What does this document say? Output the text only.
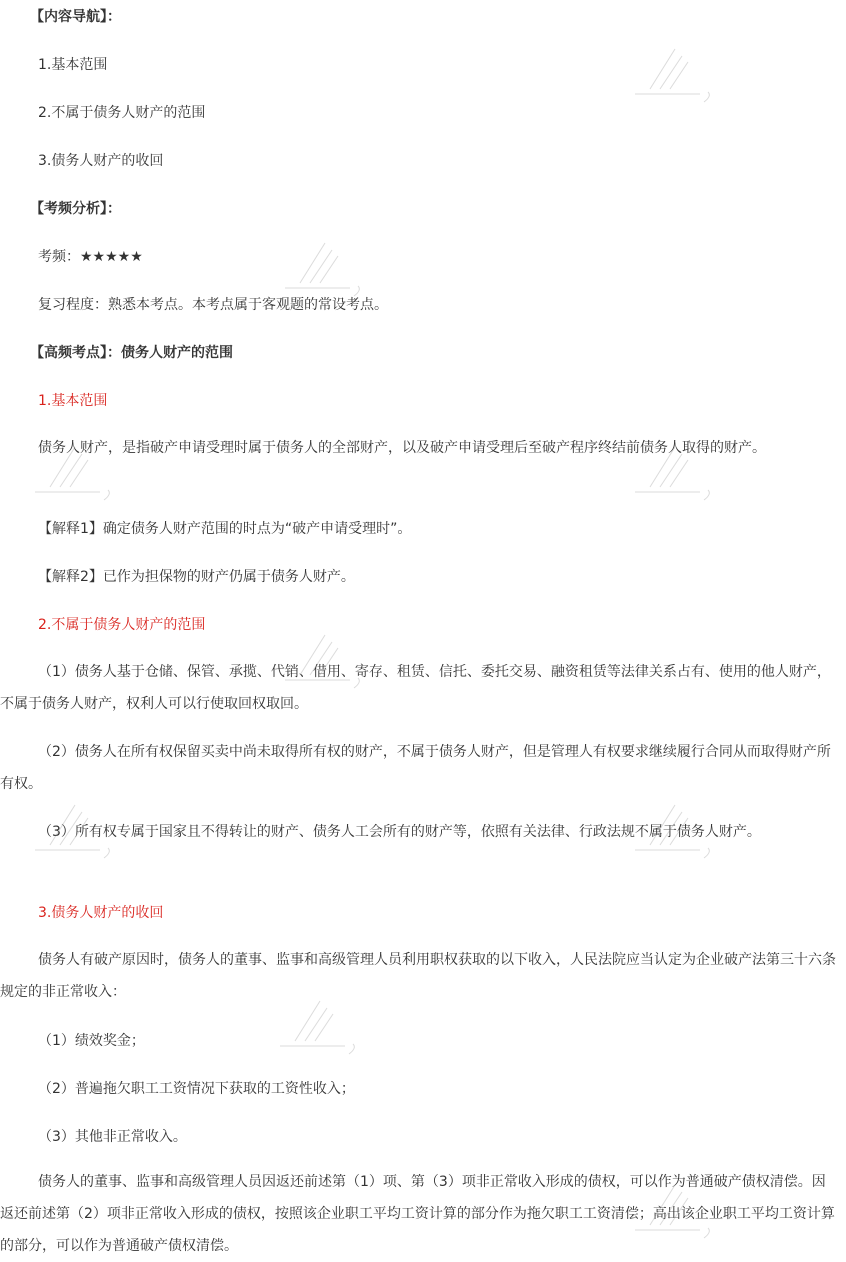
【内容导航】：
1.基本范围
2.不属于债务人财产的范围
3.债务人财产的收回
【考频分析】：
考频：★★★★★
复习程度：熟悉本考点。本考点属于客观题的常设考点。
【高频考点】：债务人财产的范围
1.基本范围
债务人财产，是指破产申请受理时属于债务人的全部财产，以及破产申请受理后至破产程序终结前债务人取得的财产。
【解释1】确定债务人财产范围的时点为“破产申请受理时”。
【解释2】已作为担保物的财产仍属于债务人财产。
2.不属于债务人财产的范围
（1）债务人基于仓储、保管、承揽、代销、借用、寄存、租赁、信托、委托交易、融资租赁等法律关系占有、使用的他人财产，不属于债务人财产，权利人可以行使取回权取回。
（2）债务人在所有权保留买卖中尚未取得所有权的财产，不属于债务人财产，但是管理人有权要求继续履行合同从而取得财产所有权。
（3）所有权专属于国家且不得转让的财产、债务人工会所有的财产等，依照有关法律、行政法规不属于债务人财产。
3.债务人财产的收回
债务人有破产原因时，债务人的董事、监事和高级管理人员利用职权获取的以下收入，人民法院应当认定为企业破产法第三十六条规定的非正常收入：
（1）绩效奖金；
（2）普遍拖欠职工工资情况下获取的工资性收入；
（3）其他非正常收入。
债务人的董事、监事和高级管理人员因返还前述第（1）项、第（3）项非正常收入形成的债权，可以作为普通破产债权清偿。因返还前述第（2）项非正常收入形成的债权，按照该企业职工平均工资计算的部分作为拖欠职工工资清偿；高出该企业职工平均工资计算的部分，可以作为普通破产债权清偿。
